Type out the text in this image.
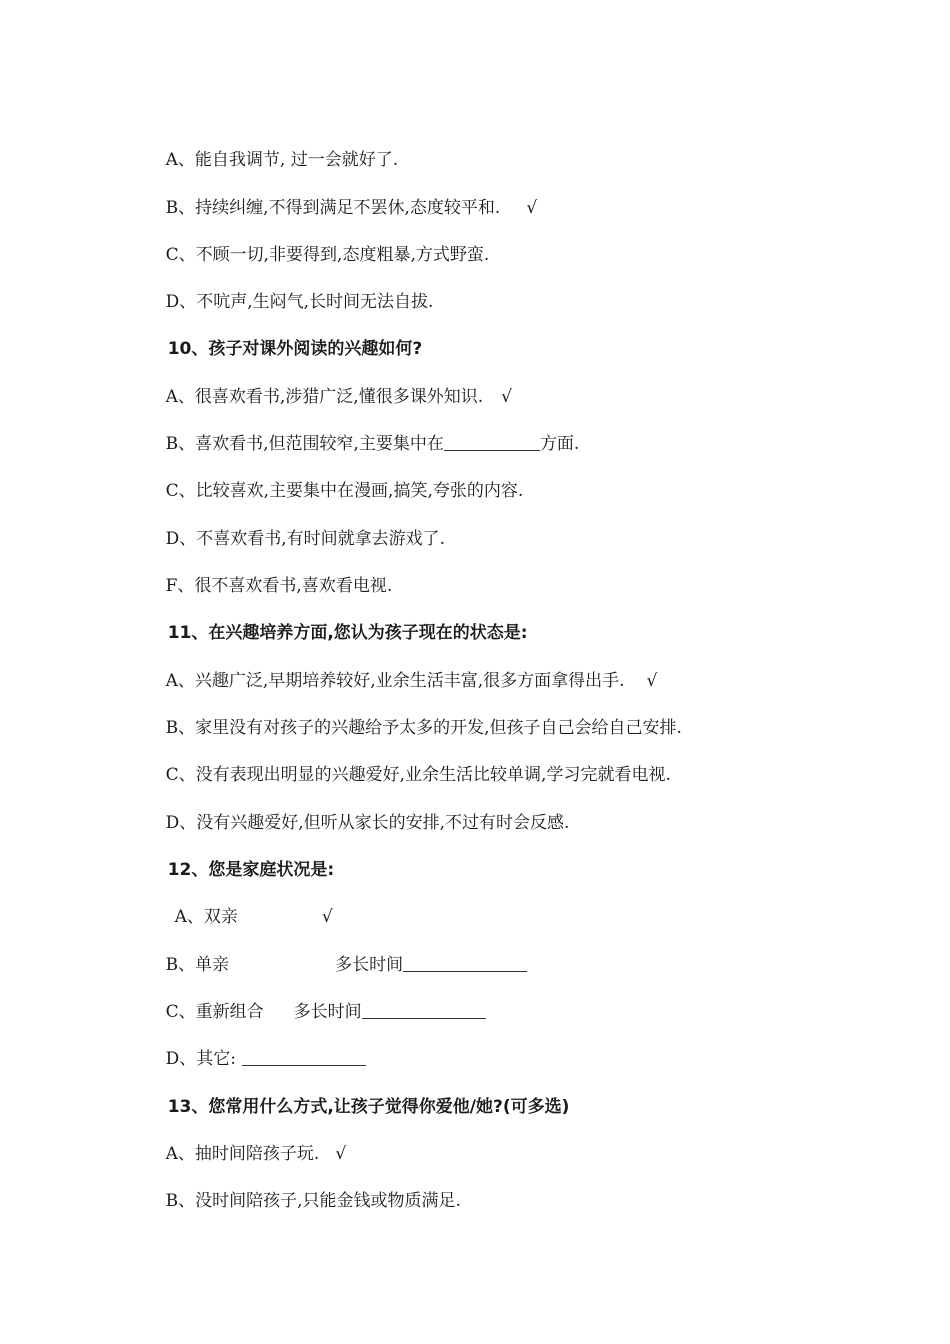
A、能自我调节, 过一会就好了.

B、持续纠缠,不得到满足不罢休,态度较平和. √

C、不顾一切,非要得到,态度粗暴,方式野蛮.

D、不吭声,生闷气,长时间无法自拔.

10、孩子对课外阅读的兴趣如何?

A、很喜欢看书,涉猎广泛,懂很多课外知识. √

B、喜欢看书,但范围较窄,主要集中在	方面.

C、比较喜欢,主要集中在漫画,搞笑,夸张的内容.

D、不喜欢看书,有时间就拿去游戏了.

F、很不喜欢看书,喜欢看电视.

11、在兴趣培养方面,您认为孩子现在的状态是:

A、兴趣广泛,早期培养较好,业余生活丰富,很多方面拿得出手. √

B、家里没有对孩子的兴趣给予太多的开发,但孩子自己会给自己安排.

C、没有表现出明显的兴趣爱好,业余生活比较单调,学习完就看电视.

D、没有兴趣爱好,但听从家长的安排,不过有时会反感.

12、您是家庭状况是:

A、双亲	√

B、单亲	多长时间

C、重新组合 多长时间

D、其它:

13、您常用什么方式,让孩子觉得你爱他/她?(可多选)

A、抽时间陪孩子玩. √

B、没时间陪孩子,只能金钱或物质满足.
